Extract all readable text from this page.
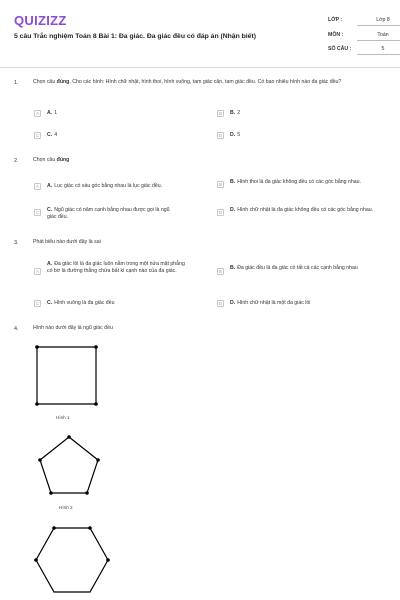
QUIZIZZ
5 câu Trắc nghiệm Toán 8 Bài 1: Đa giác. Đa giác đều có đáp án (Nhận biết)
LỚP :	Lớp 8
MÔN :	Toán
SỐ CÂU :	5
1.	Chọn câu đúng. Cho các hình: Hình chữ nhật, hình thoi, hình vuông, tam giác cân, tam giác đều. Có bao nhiêu hình nào đa giác đều?
A	A. 1	B	B. 2
C	C. 4	D	D. 5
2.	Chọn câu đúng
A	A. Lục giác có sáu góc bằng nhau là lục giác đều.	B	B. Hình thoi là đa giác không đều có các góc bằng nhau.
C	C. Ngũ giác có năm cạnh bằng nhau được gọi là ngũ giác đều.
D	D. Hình chữ nhật là đa giác không đều có các góc bằng nhau.
3.	Phát biểu nào dưới đây là sai
A
A. Đa giác lồi là đa giác luôn nằm trong một nửa mặt phẳng có bờ là đường thẳng chứa bất kì cạnh nào của đa giác.	B
B. Đa giác đều là đa giác có tất cả các cạnh bằng nhau
C	C. Hình vuông là đa giác đều	D	D. Hình chữ nhật là một đa giác lồi
4.	Hình nào dưới đây là ngũ giác đều
Hình 1
Hình 2
